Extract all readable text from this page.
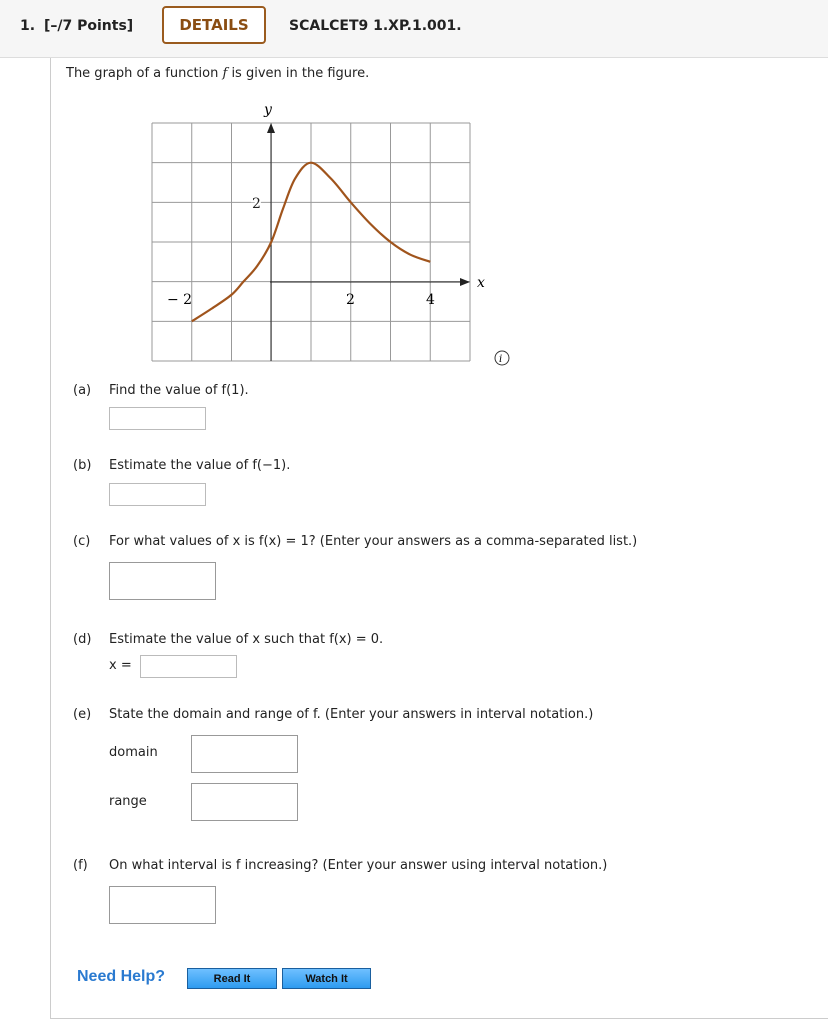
1. [–/7 Points]	DETAILS	SCALCET9 1.XP.1.001.
The graph of a function f is given in the figure.
x
y
− 2	2	4
2
i
(a) Find the value of f(1).
(b) Estimate the value of f(−1).
(c) For what values of x is f(x) = 1? (Enter your answers as a comma-separated list.)
(d) Estimate the value of x such that f(x) = 0.
x =
(e) State the domain and range of f. (Enter your answers in interval notation.)
domain
range
(f) On what interval is f increasing? (Enter your answer using interval notation.)
Need Help?	Read It	Watch It
